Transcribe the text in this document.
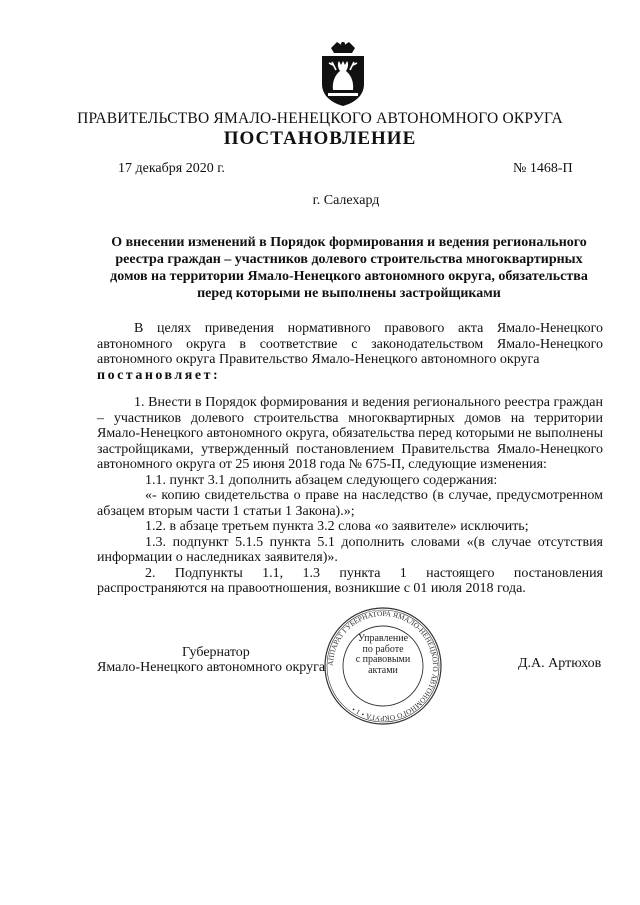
ПРАВИТЕЛЬСТВО ЯМАЛО-НЕНЕЦКОГО АВТОНОМНОГО ОКРУГА
ПОСТАНОВЛЕНИЕ
17 декабря 2020 г.	№ 1468-П
г. Салехард
О внесении изменений в Порядок формирования и ведения регионального
реестра граждан – участников долевого строительства многоквартирных
домов на территории Ямало-Ненецкого автономного округа, обязательства
перед которыми не выполнены застройщиками

В целях приведения нормативного правового акта Ямало-Ненецкого автономного округа в соответствие с законодательством Ямало-Ненецкого автономного округа Правительство Ямало-Ненецкого автономного округа

постановляет:

1. Внести в Порядок формирования и ведения регионального реестра граждан – участников долевого строительства многоквартирных домов на территории Ямало-Ненецкого автономного округа, обязательства перед которыми не выполнены застройщиками, утвержденный постановлением Правительства Ямало-Ненецкого автономного округа от 25 июня 2018 года № 675-П, следующие изменения:

1.1. пункт 3.1 дополнить абзацем следующего содержания:

«- копию свидетельства о праве на наследство (в случае, предусмотренном абзацем вторым части 1 статьи 1 Закона).»;

1.2. в абзаце третьем пункта 3.2 слова «о заявителе» исключить;

1.3. подпункт 5.1.5 пункта 5.1 дополнить словами «(в случае отсутствия информации о наследниках заявителя)».

2. Подпункты 1.1, 1.3 пункта 1 настоящего постановления распространяются на правоотношения, возникшие с 01 июля 2018 года.

АППАРАТ ГУБЕРНАТОРА ЯМАЛО-НЕНЕЦКОГО АВТОНОМНОГО ОКРУГА • 1 •
Управление
по работе
с правовыми
актами
Губернатор
Ямало-Ненецкого автономного округа	Д.А. Артюхов
